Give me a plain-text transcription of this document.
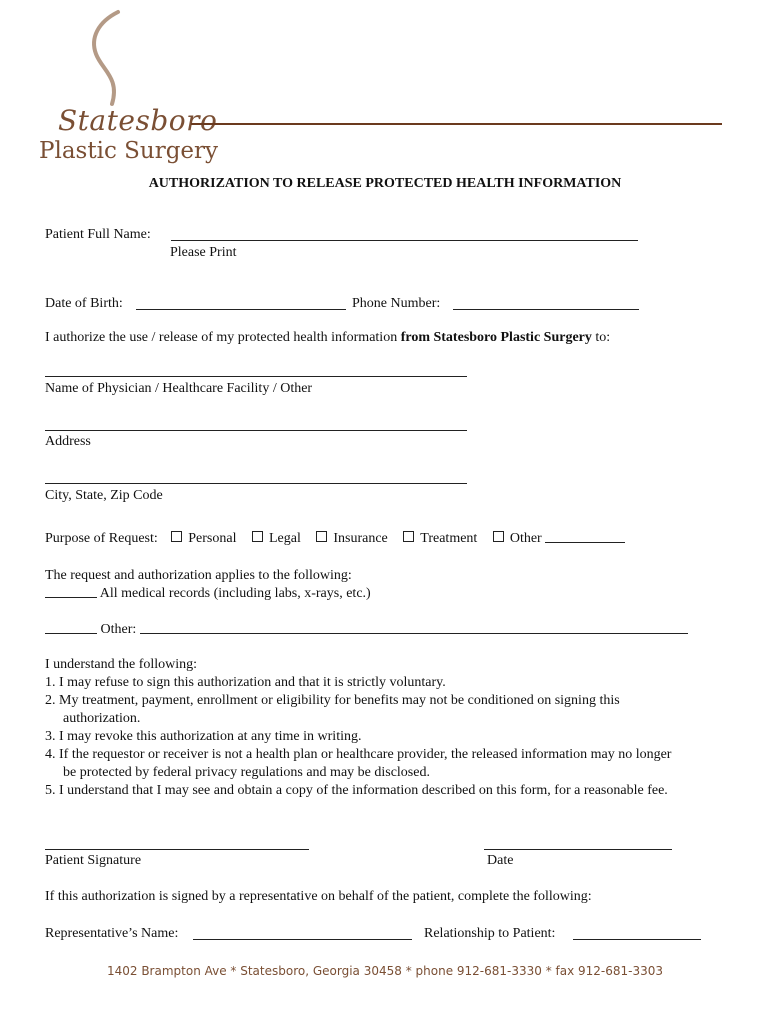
Statesboro
Plastic Surgery
AUTHORIZATION TO RELEASE PROTECTED HEALTH INFORMATION
Patient Full Name:
Please Print
Date of Birth:	Phone Number:
I authorize the use / release of my protected health information from Statesboro Plastic Surgery to:
Name of Physician / Healthcare Facility / Other
Address
City, State, Zip Code
Purpose of Request: Personal Legal Insurance Treatment Other
The request and authorization applies to the following:
All medical records (including labs, x-rays, etc.)
Other:
I understand the following:
1. I may refuse to sign this authorization and that it is strictly voluntary.
2. My treatment, payment, enrollment or eligibility for benefits may not be conditioned on signing this
authorization.
3. I may revoke this authorization at any time in writing.
4. If the requestor or receiver is not a health plan or healthcare provider, the released information may no longer
be protected by federal privacy regulations and may be disclosed.
5. I understand that I may see and obtain a copy of the information described on this form, for a reasonable fee.
Patient Signature	Date
If this authorization is signed by a representative on behalf of the patient, complete the following:
Representative’s Name:	Relationship to Patient:
1402 Brampton Ave * Statesboro, Georgia 30458 * phone 912-681-3330 * fax 912-681-3303
